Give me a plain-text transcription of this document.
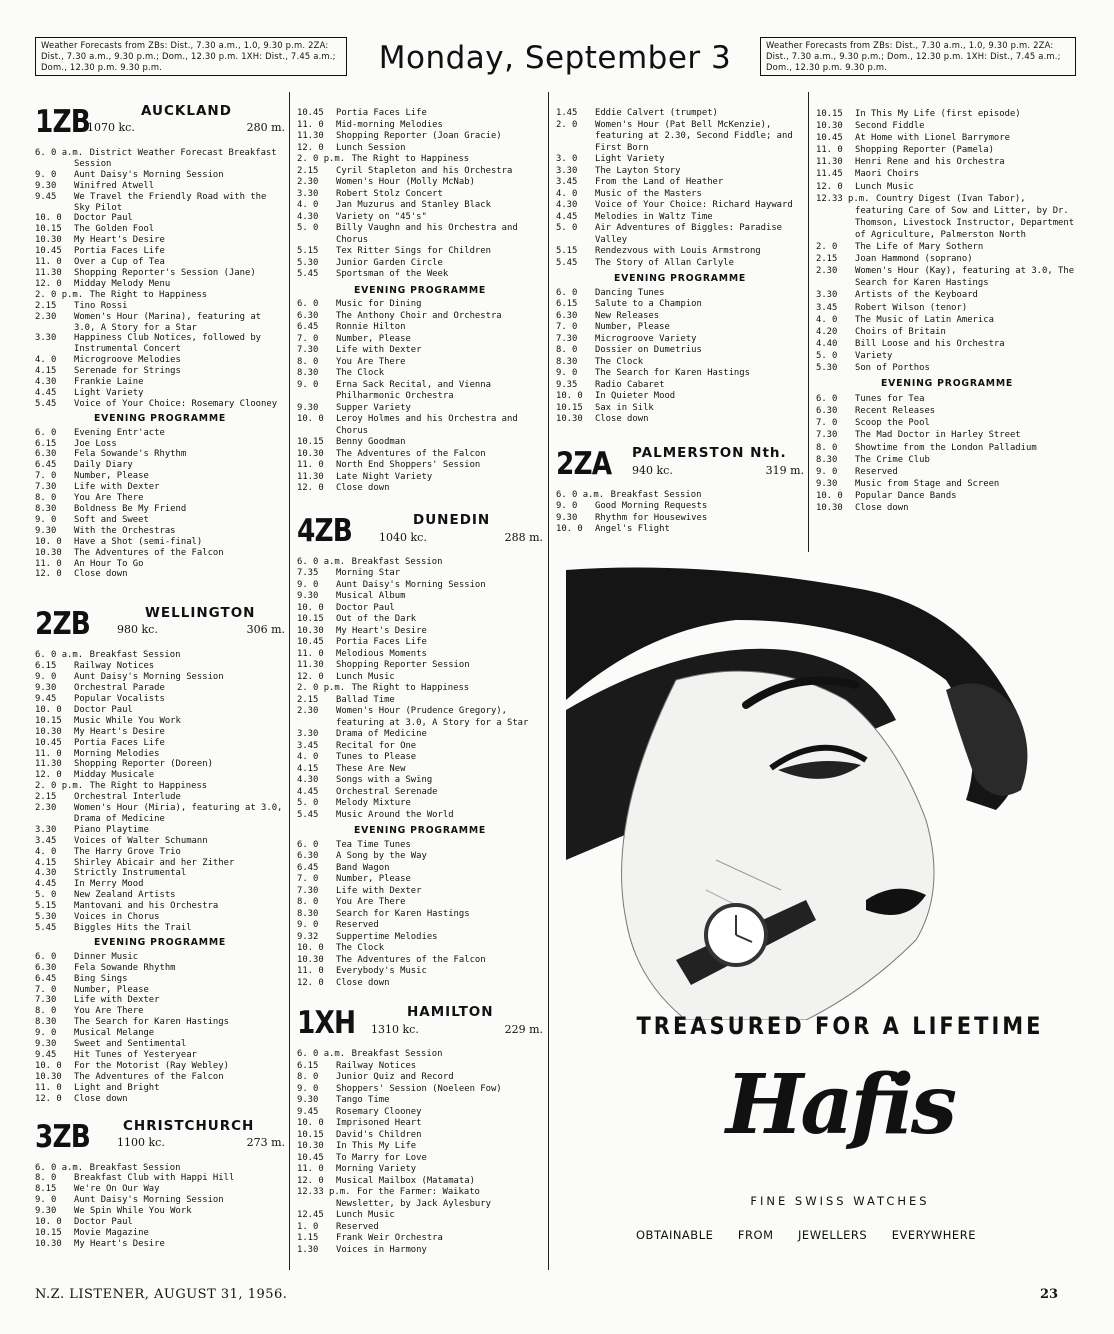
Weather Forecasts from ZBs: Dist., 7.30 a.m., 1.0, 9.30 p.m. 2ZA: Dist., 7.30 a.m., 9.30 p.m.; Dom., 12.30 p.m. 1XH: Dist., 7.45 a.m.; Dom., 12.30 p.m. 9.30 p.m.	Monday, September 3	Weather Forecasts from ZBs: Dist., 7.30 a.m., 1.0, 9.30 p.m. 2ZA: Dist., 7.30 a.m., 9.30 p.m.; Dom., 12.30 p.m. 1XH: Dist., 7.45 a.m.; Dom., 12.30 p.m. 9.30 p.m.
1ZB	AUCKLAND
1070 kc.	280 m.
6. 0 a.m. District Weather Forecast Breakfast Session
9. 0 Aunt Daisy's Morning Session
9.30 Winifred Atwell
9.45 We Travel the Friendly Road with the Sky Pilot
10. 0 Doctor Paul
10.15 The Golden Fool
10.30 My Heart's Desire
10.45 Portia Faces Life
11. 0 Over a Cup of Tea
11.30 Shopping Reporter's Session (Jane)
12. 0 Midday Melody Menu
2. 0 p.m. The Right to Happiness
2.15 Tino Rossi
2.30 Women's Hour (Marina), featuring at 3.0, A Story for a Star
3.30 Happiness Club Notices, followed by Instrumental Concert
4. 0 Microgroove Melodies
4.15 Serenade for Strings
4.30 Frankie Laine
4.45 Light Variety
5.45 Voice of Your Choice: Rosemary Clooney
EVENING PROGRAMME
6. 0 Evening Entr'acte
6.15 Joe Loss
6.30 Fela Sowande's Rhythm
6.45 Daily Diary
7. 0 Number, Please
7.30 Life with Dexter
8. 0 You Are There
8.30 Boldness Be My Friend
9. 0 Soft and Sweet
9.30 With the Orchestras
10. 0 Have a Shot (semi-final)
10.30 The Adventures of the Falcon
11. 0 An Hour To Go
12. 0 Close down
2ZB	WELLINGTON
980 kc.	306 m.
6. 0 a.m. Breakfast Session
6.15 Railway Notices
9. 0 Aunt Daisy's Morning Session
9.30 Orchestral Parade
9.45 Popular Vocalists
10. 0 Doctor Paul
10.15 Music While You Work
10.30 My Heart's Desire
10.45 Portia Faces Life
11. 0 Morning Melodies
11.30 Shopping Reporter (Doreen)
12. 0 Midday Musicale
2. 0 p.m. The Right to Happiness
2.15 Orchestral Interlude
2.30 Women's Hour (Miria), featuring at 3.0, Drama of Medicine
3.30 Piano Playtime
3.45 Voices of Walter Schumann
4. 0 The Harry Grove Trio
4.15 Shirley Abicair and her Zither
4.30 Strictly Instrumental
4.45 In Merry Mood
5. 0 New Zealand Artists
5.15 Mantovani and his Orchestra
5.30 Voices in Chorus
5.45 Biggles Hits the Trail
EVENING PROGRAMME
6. 0 Dinner Music
6.30 Fela Sowande Rhythm
6.45 Bing Sings
7. 0 Number, Please
7.30 Life with Dexter
8. 0 You Are There
8.30 The Search for Karen Hastings
9. 0 Musical Melange
9.30 Sweet and Sentimental
9.45 Hit Tunes of Yesteryear
10. 0 For the Motorist (Ray Webley)
10.30 The Adventures of the Falcon
11. 0 Light and Bright
12. 0 Close down
3ZB CHRISTCHURCH
1100 kc.	273 m.
6. 0 a.m. Breakfast Session
8. 0 Breakfast Club with Happi Hill
8.15 We're On Our Way
9. 0 Aunt Daisy's Morning Session
9.30 We Spin While You Work
10. 0 Doctor Paul
10.15 Movie Magazine
10.30 My Heart's Desire
10.45 Portia Faces Life
11. 0 Mid-morning Melodies
11.30 Shopping Reporter (Joan Gracie)
12. 0 Lunch Session
2. 0 p.m. The Right to Happiness
2.15 Cyril Stapleton and his Orchestra
2.30 Women's Hour (Molly McNab)
3.30 Robert Stolz Concert
4. 0 Jan Muzurus and Stanley Black
4.30 Variety on "45's"
5. 0 Billy Vaughn and his Orchestra and Chorus
5.15 Tex Ritter Sings for Children
5.30 Junior Garden Circle
5.45 Sportsman of the Week
EVENING PROGRAMME
6. 0 Music for Dining
6.30 The Anthony Choir and Orchestra
6.45 Ronnie Hilton
7. 0 Number, Please
7.30 Life with Dexter
8. 0 You Are There
8.30 The Clock
9. 0 Erna Sack Recital, and Vienna Philharmonic Orchestra
9.30 Supper Variety
10. 0 Leroy Holmes and his Orchestra and Chorus
10.15 Benny Goodman
10.30 The Adventures of the Falcon
11. 0 North End Shoppers' Session
11.30 Late Night Variety
12. 0 Close down
4ZB	DUNEDIN
1040 kc.	288 m.
6. 0 a.m. Breakfast Session
7.35 Morning Star
9. 0 Aunt Daisy's Morning Session
9.30 Musical Album
10. 0 Doctor Paul
10.15 Out of the Dark
10.30 My Heart's Desire
10.45 Portia Faces Life
11. 0 Melodious Moments
11.30 Shopping Reporter Session
12. 0 Lunch Music
2. 0 p.m. The Right to Happiness
2.15 Ballad Time
2.30 Women's Hour (Prudence Gregory), featuring at 3.0, A Story for a Star
3.30 Drama of Medicine
3.45 Recital for One
4. 0 Tunes to Please
4.15 These Are New
4.30 Songs with a Swing
4.45 Orchestral Serenade
5. 0 Melody Mixture
5.45 Music Around the World
EVENING PROGRAMME
6. 0 Tea Time Tunes
6.30 A Song by the Way
6.45 Band Wagon
7. 0 Number, Please
7.30 Life with Dexter
8. 0 You Are There
8.30 Search for Karen Hastings
9. 0 Reserved
9.32 Suppertime Melodies
10. 0 The Clock
10.30 The Adventures of the Falcon
11. 0 Everybody's Music
12. 0 Close down
1XH	HAMILTON
1310 kc.	229 m.
6. 0 a.m. Breakfast Session
6.15 Railway Notices
8. 0 Junior Quiz and Record
9. 0 Shoppers' Session (Noeleen Fow)
9.30 Tango Time
9.45 Rosemary Clooney
10. 0 Imprisoned Heart
10.15 David's Children
10.30 In This My Life
10.45 To Marry for Love
11. 0 Morning Variety
12. 0 Musical Mailbox (Matamata)
12.33 p.m. For the Farmer: Waikato Newsletter, by Jack Aylesbury
12.45 Lunch Music
1. 0 Reserved
1.15 Frank Weir Orchestra
1.30 Voices in Harmony
1.45 Eddie Calvert (trumpet)
2. 0 Women's Hour (Pat Bell McKenzie), featuring at 2.30, Second Fiddle; and First Born
3. 0 Light Variety
3.30 The Layton Story
3.45 From the Land of Heather
4. 0 Music of the Masters
4.30 Voice of Your Choice: Richard Hayward
4.45 Melodies in Waltz Time
5. 0 Air Adventures of Biggles: Paradise Valley
5.15 Rendezvous with Louis Armstrong
5.45 The Story of Allan Carlyle
EVENING PROGRAMME
6. 0 Dancing Tunes
6.15 Salute to a Champion
6.30 New Releases
7. 0 Number, Please
7.30 Microgroove Variety
8. 0 Dossier on Dumetrius
8.30 The Clock
9. 0 The Search for Karen Hastings
9.35 Radio Cabaret
10. 0 In Quieter Mood
10.15 Sax in Silk
10.30 Close down
2ZA PALMERSTON Nth.
940 kc.	319 m.
6. 0 a.m. Breakfast Session
9. 0 Good Morning Requests
9.30 Rhythm for Housewives
10. 0 Angel's Flight
10.15 In This My Life (first episode)
10.30 Second Fiddle
10.45 At Home with Lionel Barrymore
11. 0 Shopping Reporter (Pamela)
11.30 Henri Rene and his Orchestra
11.45 Maori Choirs
12. 0 Lunch Music
12.33 p.m. Country Digest (Ivan Tabor), featuring Care of Sow and Litter, by Dr. Thomson, Livestock Instructor, Department of Agriculture, Palmerston North
2. 0 The Life of Mary Sothern
2.15 Joan Hammond (soprano)
2.30 Women's Hour (Kay), featuring at 3.0, The Search for Karen Hastings
3.30 Artists of the Keyboard
3.45 Robert Wilson (tenor)
4. 0 The Music of Latin America
4.20 Choirs of Britain
4.40 Bill Loose and his Orchestra
5. 0 Variety
5.30 Son of Porthos
EVENING PROGRAMME
6. 0 Tunes for Tea
6.30 Recent Releases
7. 0 Scoop the Pool
7.30 The Mad Doctor in Harley Street
8. 0 Showtime from the London Palladium
8.30 The Crime Club
9. 0 Reserved
9.30 Music from Stage and Screen
10. 0 Popular Dance Bands
10.30 Close down
TREASURED FOR A LIFETIME
Hafis
FINE SWISS WATCHES
OBTAINABLE FROM JEWELLERS EVERYWHERE
N.Z. LISTENER, AUGUST 31, 1956.	23
